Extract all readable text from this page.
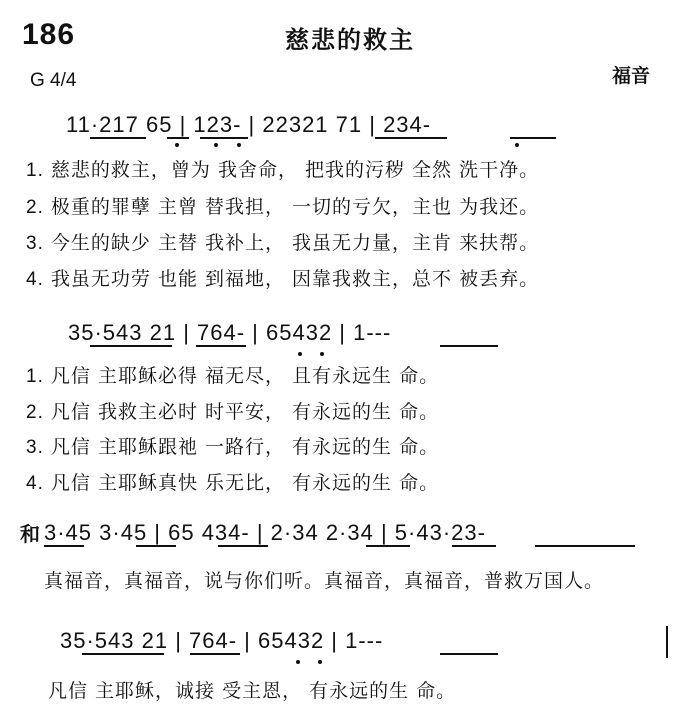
186	慈悲的救主
G 4/4	福音
11·217 65 | 123- | 22321 71 | 234-
1. 慈悲的救主，曾为 我舍命， 把我的污秽 全然 洗干净。
2. 极重的罪孽 主曾 替我担， 一切的亏欠，主也 为我还。
3. 今生的缺少 主替 我补上， 我虽无力量，主肯 来扶帮。
4. 我虽无功劳 也能 到福地， 因靠我救主，总不 被丢弃。
35·543 21 | 764- | 65432 | 1---
1. 凡信 主耶稣必得 福无尽， 且有永远生 命。
2. 凡信 我救主必时 时平安， 有永远的生 命。
3. 凡信 主耶稣跟祂 一路行， 有永远的生 命。
4. 凡信 主耶稣真快 乐无比， 有永远的生 命。
和 3·45 3·45 | 65 434- | 2·34 2·34 | 5·43·23-
真福音，真福音，说与你们听。真福音，真福音，普救万国人。
35·543 21 | 764- | 65432 | 1---
凡信 主耶稣，诚接 受主恩， 有永远的生 命。
